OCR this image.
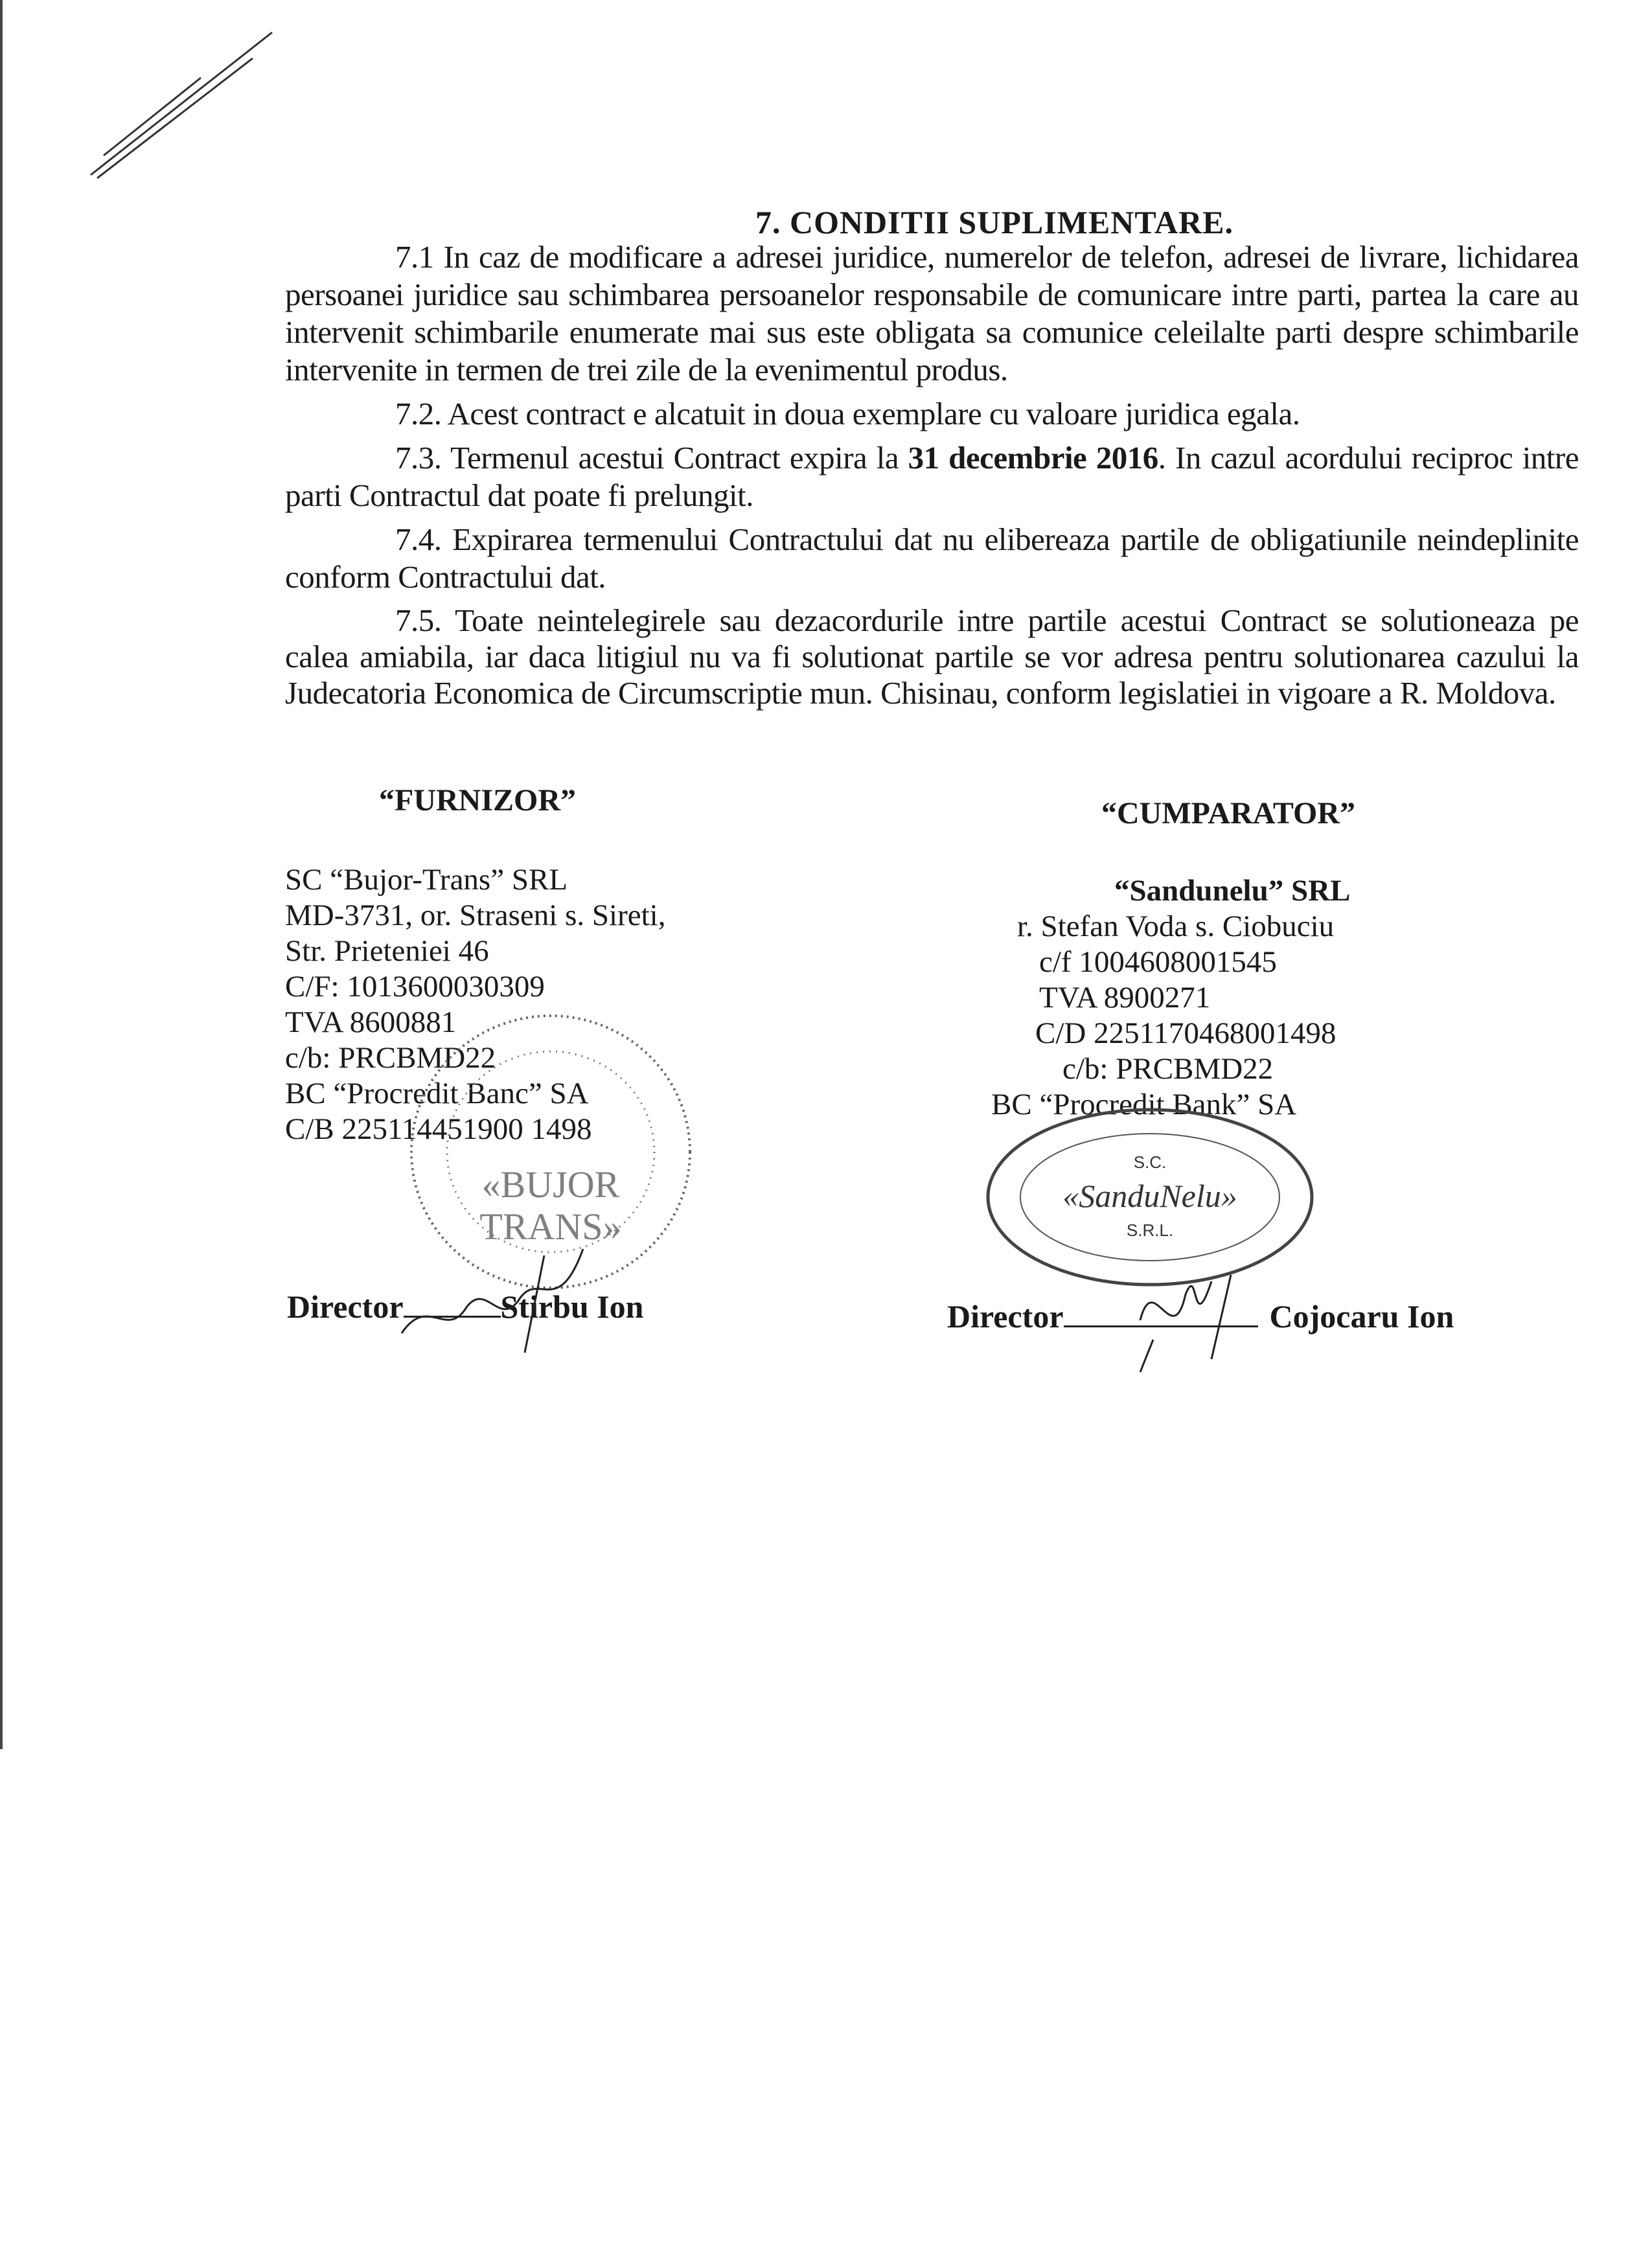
7. CONDITII SUPLIMENTARE.

7.1 In caz de modificare a adresei juridice, numerelor de telefon, adresei de livrare, lichidarea persoanei juridice sau schimbarea persoanelor responsabile de comunicare intre parti, partea la care au intervenit schimbarile enumerate mai sus este obligata sa comunice celeilalte parti despre schimbarile intervenite in termen de trei zile de la evenimentul produs.

7.2. Acest contract e alcatuit in doua exemplare cu valoare juridica egala.

7.3. Termenul acestui Contract expira la 31 decembrie 2016. In cazul acordului reciproc intre parti Contractul dat poate fi prelungit.

7.4. Expirarea termenului Contractului dat nu elibereaza partile de obligatiunile neindeplinite conform Contractului dat.

7.5. Toate neintelegirele sau dezacordurile intre partile acestui Contract se solutioneaza pe calea amiabila, iar daca litigiul nu va fi solutionat partile se vor adresa pentru solutionarea cazului la Judecatoria Economica de Circumscriptie mun. Chisinau, conform legislatiei in vigoare a R. Moldova.

“FURNIZOR”
SC “Bujor-Trans” SRL
MD-3731, or. Straseni s. Sireti,
Str. Prieteniei 46
C/F: 1013600030309
TVA 8600881
c/b: PRCBMD22
BC “Procredit Banc” SA
C/B 225114451900 1498
«BUJOR
TRANS»
Director	Stirbu Ion
“CUMPARATOR”
“Sandunelu” SRL
r. Stefan Voda s. Ciobuciu
c/f 1004608001545
TVA 8900271
C/D 2251170468001498
c/b: PRCBMD22
BC “Procredit Bank” SA
S.C.
«SanduNelu»
S.R.L.
Director	Cojocaru Ion
